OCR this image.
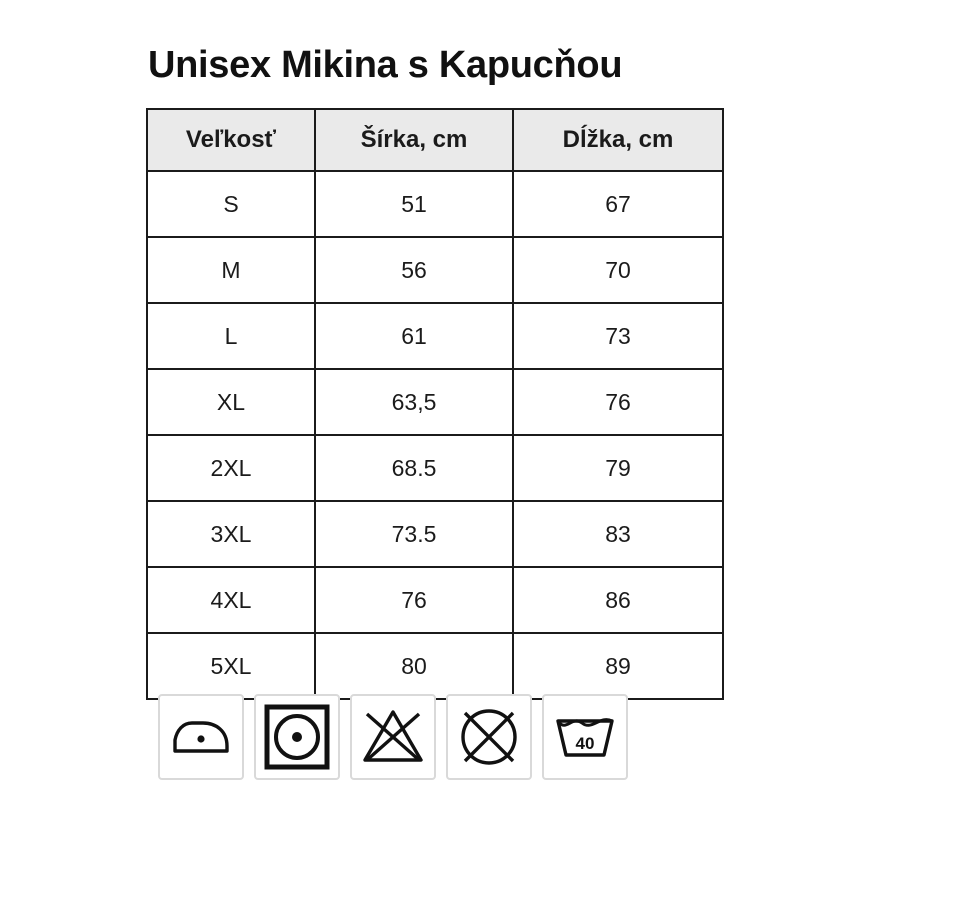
Unisex Mikina s Kapucňou
Veľkosť	Šírka, cm	Dĺžka, cm
S	51	67
M	56	70
L	61	73
XL	63,5	76
2XL	68.5	79
3XL	73.5	83
4XL	76	86
5XL	80	89
40
